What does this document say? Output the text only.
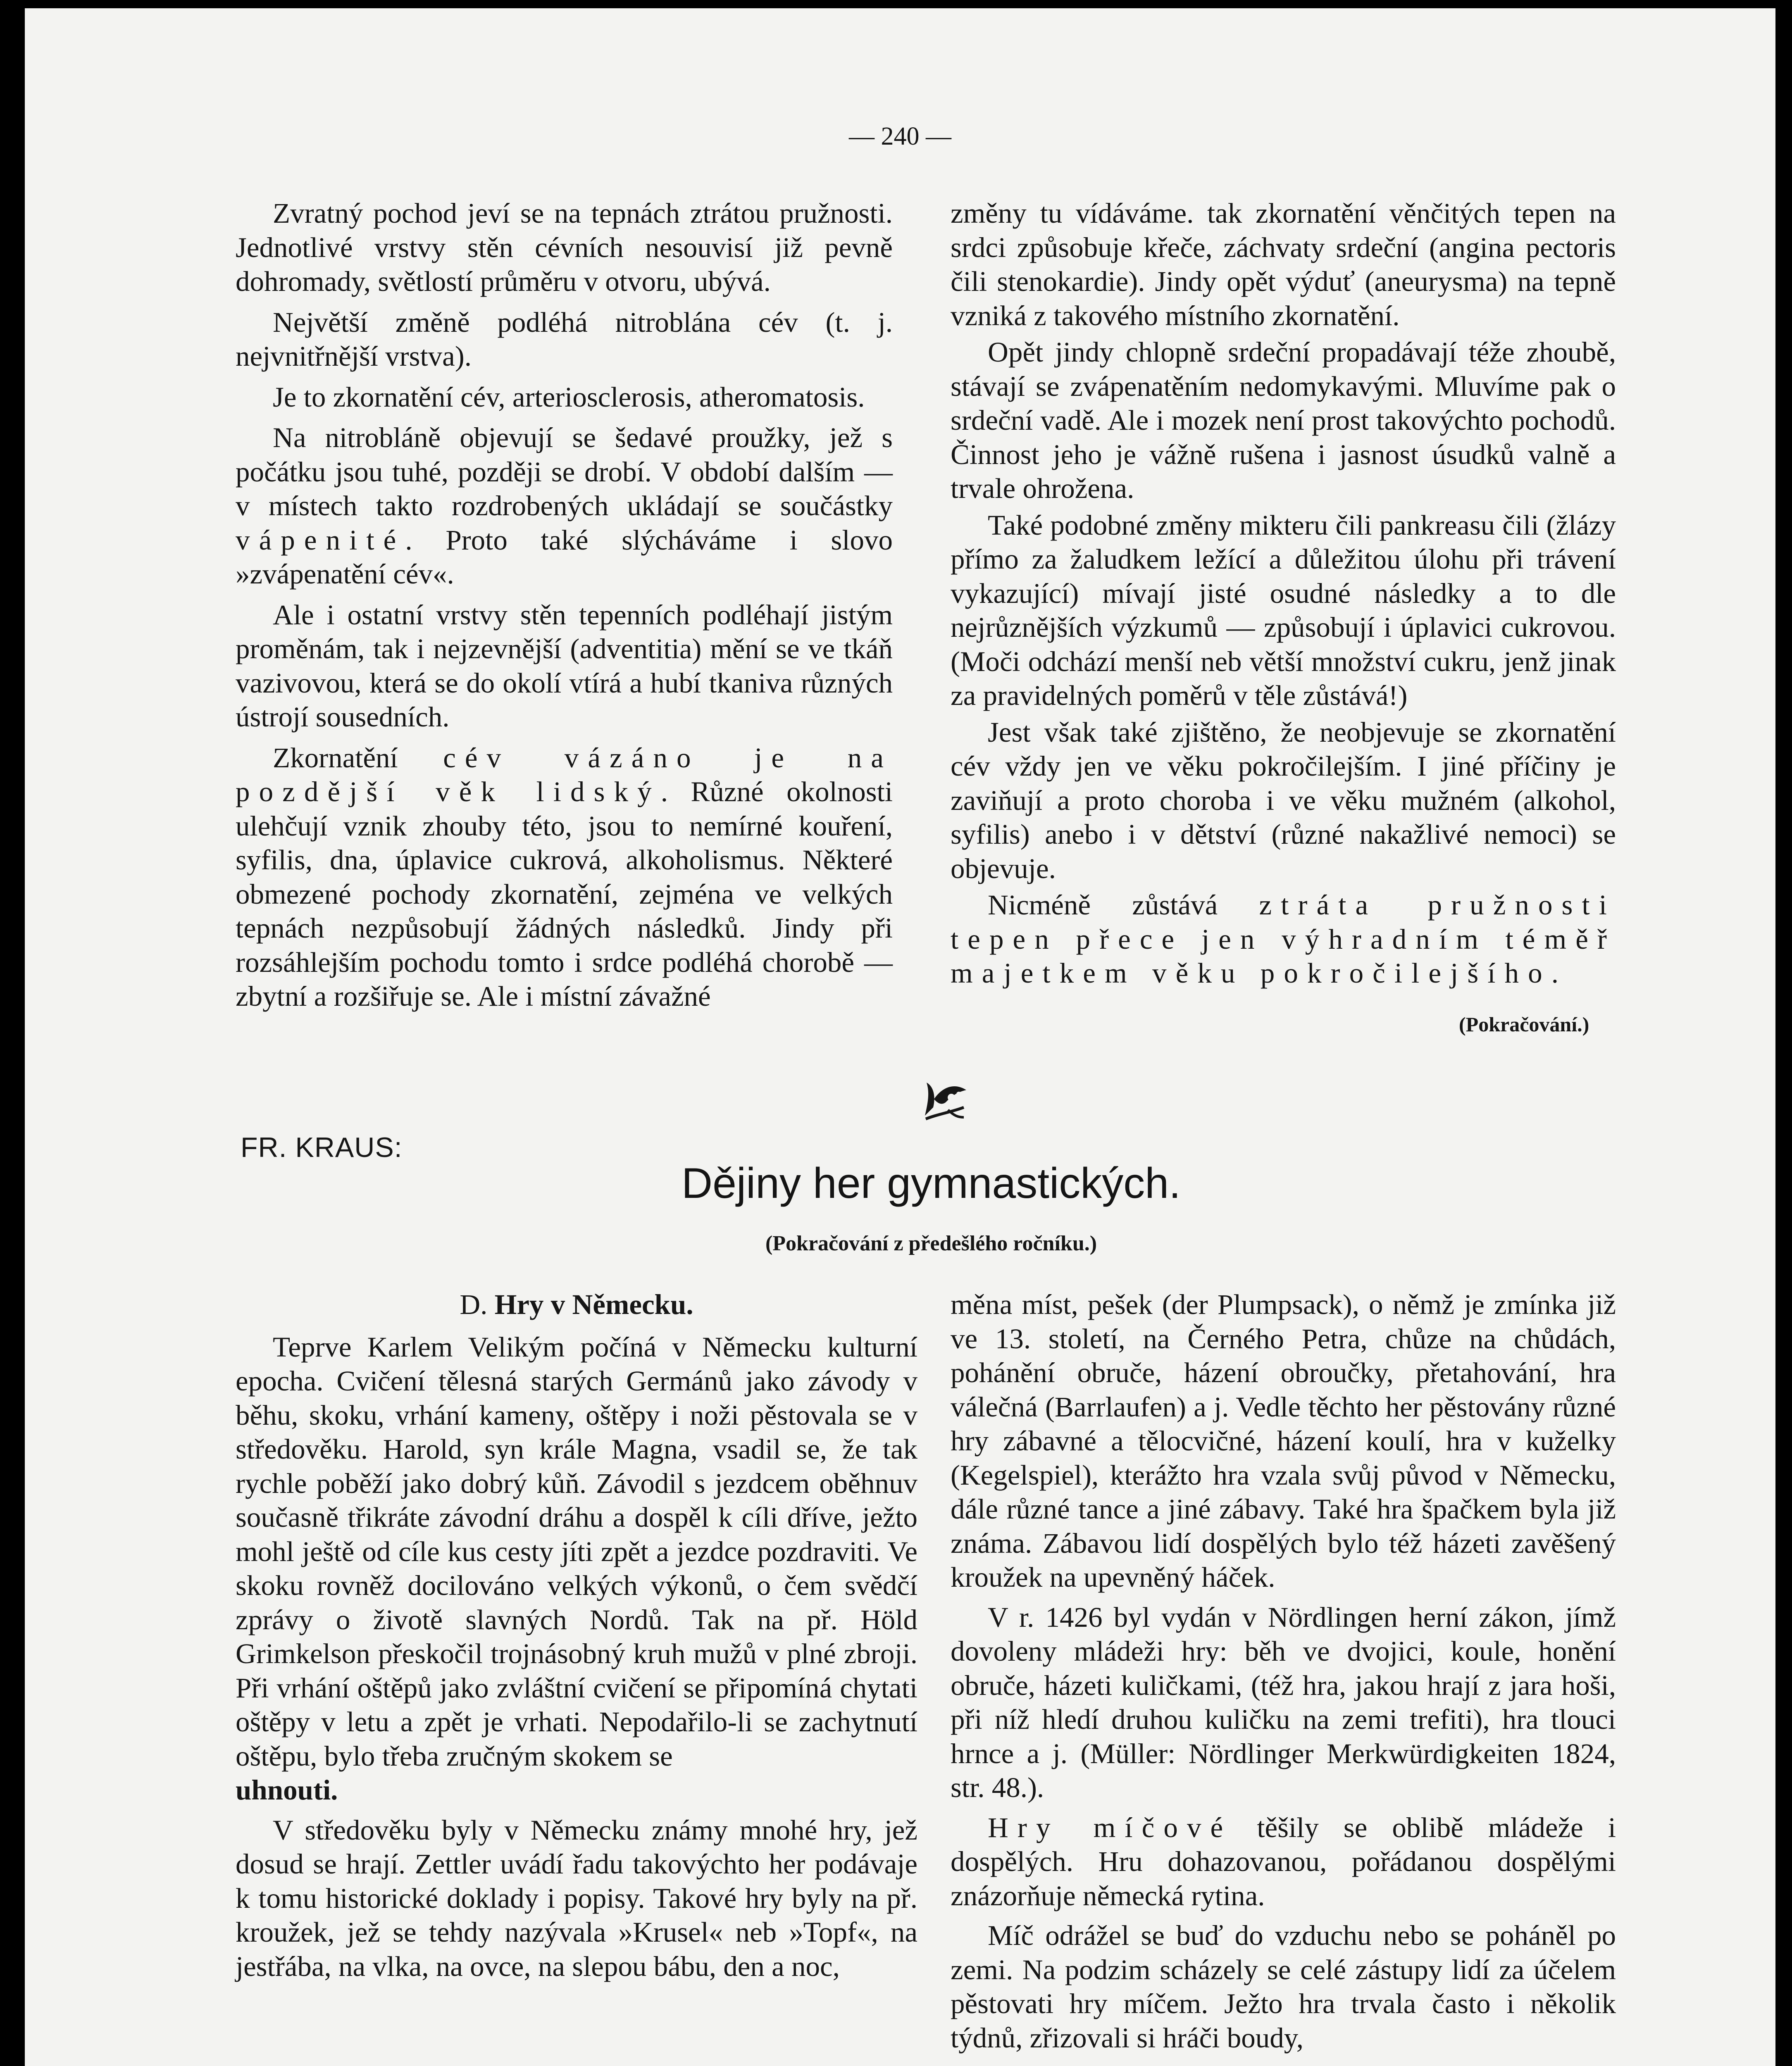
— 240 —

Zvratný pochod jeví se na tepnách ztrátou pružnosti. Jednotlivé vrstvy stěn cévních nesouvisí již pevně dohromady, světlostí průměru v otvoru, ubývá.

Největší změně podléhá nitroblána cév (t. j. nejvnitřnější vrstva).

Je to zkornatění cév, arteriosclerosis, atheromatosis.

Na nitrobláně objevují se šedavé proužky, jež s počátku jsou tuhé, později se drobí. V období dalším — v místech takto rozdrobených ukládají se součástky vápenité. Proto také slýcháváme i slovo »zvápenatění cév«.

Ale i ostatní vrstvy stěn tepenních podléhají jistým proměnám, tak i nejzevnější (adventitia) mění se ve tkáň vazivovou, která se do okolí vtírá a hubí tkaniva různých ústrojí sousedních.

Zkornatění cév vázáno je na pozdější věk lidský. Různé okolnosti ulehčují vznik zhouby této, jsou to nemírné kouření, syfilis, dna, úplavice cukrová, alkoholismus. Některé obmezené pochody zkornatění, zejména ve velkých tepnách nezpůsobují žádných následků. Jindy při rozsáhlejším pochodu tomto i srdce podléhá chorobě — zbytní a rozšiřuje se. Ale i místní závažné

změny tu vídáváme. tak zkornatění věnčitých tepen na srdci způsobuje křeče, záchvaty srdeční (angina pectoris čili stenokardie). Jindy opět výduť (aneurysma) na tepně vzniká z takového místního zkornatění.

Opět jindy chlopně srdeční propadávají téže zhoubě, stávají se zvápenatěním nedomykavými. Mluvíme pak o srdeční vadě. Ale i mozek není prost takovýchto pochodů. Činnost jeho je vážně rušena i jasnost úsudků valně a trvale ohrožena.

Také podobné změny mikteru čili pankreasu čili (žlázy přímo za žaludkem ležící a důležitou úlohu při trávení vykazující) mívají jisté osudné následky a to dle nejrůznějších výzkumů — způsobují i úplavici cukrovou. (Moči odchází menší neb větší množství cukru, jenž jinak za pravidelných poměrů v těle zůstává!)

Jest však také zjištěno, že neobjevuje se zkornatění cév vždy jen ve věku pokročilejším. I jiné příčiny je zaviňují a proto choroba i ve věku mužném (alkohol, syfilis) anebo i v dětství (různé nakažlivé nemoci) se objevuje.

Nicméně zůstává ztráta pružnosti tepen přece jen výhradním téměř majetkem věku pokročilejšího.

(Pokračování.)
FR. KRAUS:
Dějiny her gymnastických.
(Pokračování z předešlého ročníku.)

D. Hry v Německu.

Teprve Karlem Velikým počíná v Německu kulturní epocha. Cvičení tělesná starých Germánů jako závody v běhu, skoku, vrhání kameny, oštěpy i noži pěstovala se v středověku. Harold, syn krále Magna, vsadil se, že tak rychle poběží jako dobrý kůň. Závodil s jezdcem oběhnuv současně třikráte závodní dráhu a dospěl k cíli dříve, ježto mohl ještě od cíle kus cesty jíti zpět a jezdce pozdraviti. Ve skoku rovněž docilováno velkých výkonů, o čem svědčí zprávy o životě slavných Nordů. Tak na př. Höld Grimkelson přeskočil trojnásobný kruh mužů v plné zbroji. Při vrhání oštěpů jako zvláštní cvičení se připomíná chytati oštěpy v letu a zpět je vrhati. Nepodařilo-li se zachytnutí oštěpu, bylo třeba zručným skokem se
uhnouti.

V středověku byly v Německu známy mnohé hry, jež dosud se hrají. Zettler uvádí řadu takovýchto her podávaje k tomu historické doklady i popisy. Takové hry byly na př. kroužek, jež se tehdy nazývala »Krusel« neb »Topf«, na jestřába, na vlka, na ovce, na slepou bábu, den a noc,

měna míst, pešek (der Plumpsack), o němž je zmínka již ve 13. století, na Černého Petra, chůze na chůdách, pohánění obruče, házení obroučky, přetahování, hra válečná (Barrlaufen) a j. Vedle těchto her pěstovány různé hry zábavné a tělocvičné, házení koulí, hra v kuželky (Kegelspiel), kterážto hra vzala svůj původ v Německu, dále různé tance a jiné zábavy. Také hra špačkem byla již známa. Zábavou lidí dospělých bylo též házeti zavěšený kroužek na upevněný háček.

V r. 1426 byl vydán v Nördlingen herní zákon, jímž dovoleny mládeži hry: běh ve dvojici, koule, honění obruče, házeti kuličkami, (též hra, jakou hrají z jara hoši, při níž hledí druhou kuličku na zemi trefiti), hra tlouci hrnce a j. (Müller: Nördlinger Merkwürdigkeiten 1824, str. 48.).

Hry míčové těšily se oblibě mládeže i dospělých. Hru dohazovanou, pořádanou dospělými znázorňuje německá rytina.

Míč odrážel se buď do vzduchu nebo se poháněl po zemi. Na podzim scházely se celé zástupy lidí za účelem pěstovati hry míčem. Ježto hra trvala často i několik týdnů, zřizovali si hráči boudy,
